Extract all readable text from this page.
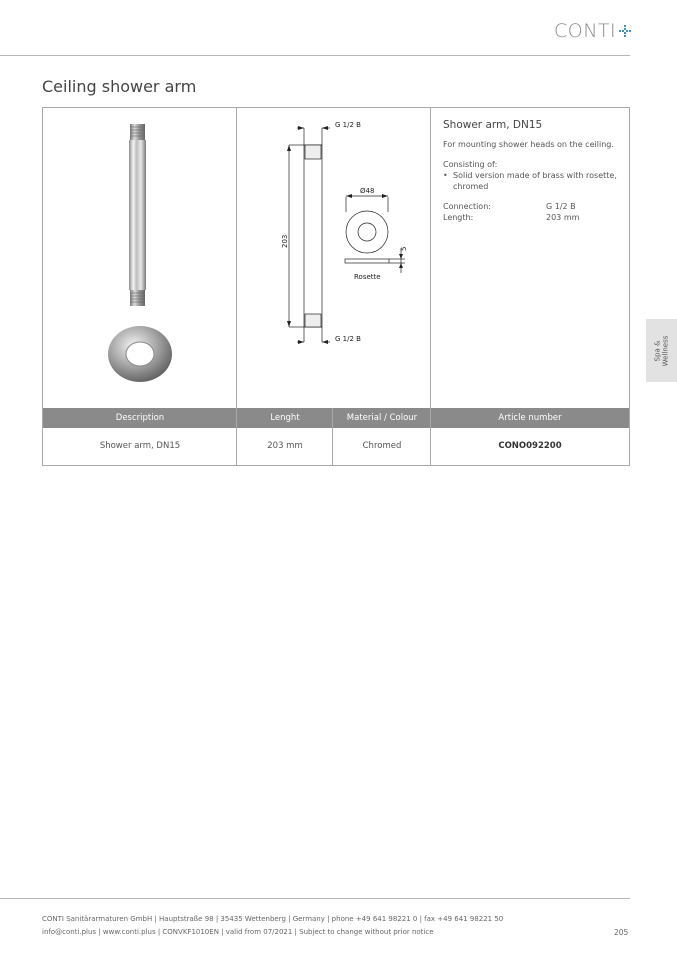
CONTI
Ceiling shower arm
Spa & Wellness
G 1/2 B
G 1/2 B
203
Ø48
5
Rosette
Shower arm, DN15
For mounting shower heads on the ceiling.
Consisting of:
• Solid version made of brass with rosette,
chromed
Connection:	G 1/2 B
Length:	203 mm
Description	Lenght	Material / Colour	Article number
Shower arm, DN15	203 mm	Chromed	CONO092200
CONTI Sanitärarmaturen GmbH | Hauptstraße 98 | 35435 Wettenberg | Germany | phone +49 641 98221 0 | fax +49 641 98221 50
info@conti.plus | www.conti.plus | CONVKF1010EN | valid from 07/2021 | Subject to change without prior notice	205
